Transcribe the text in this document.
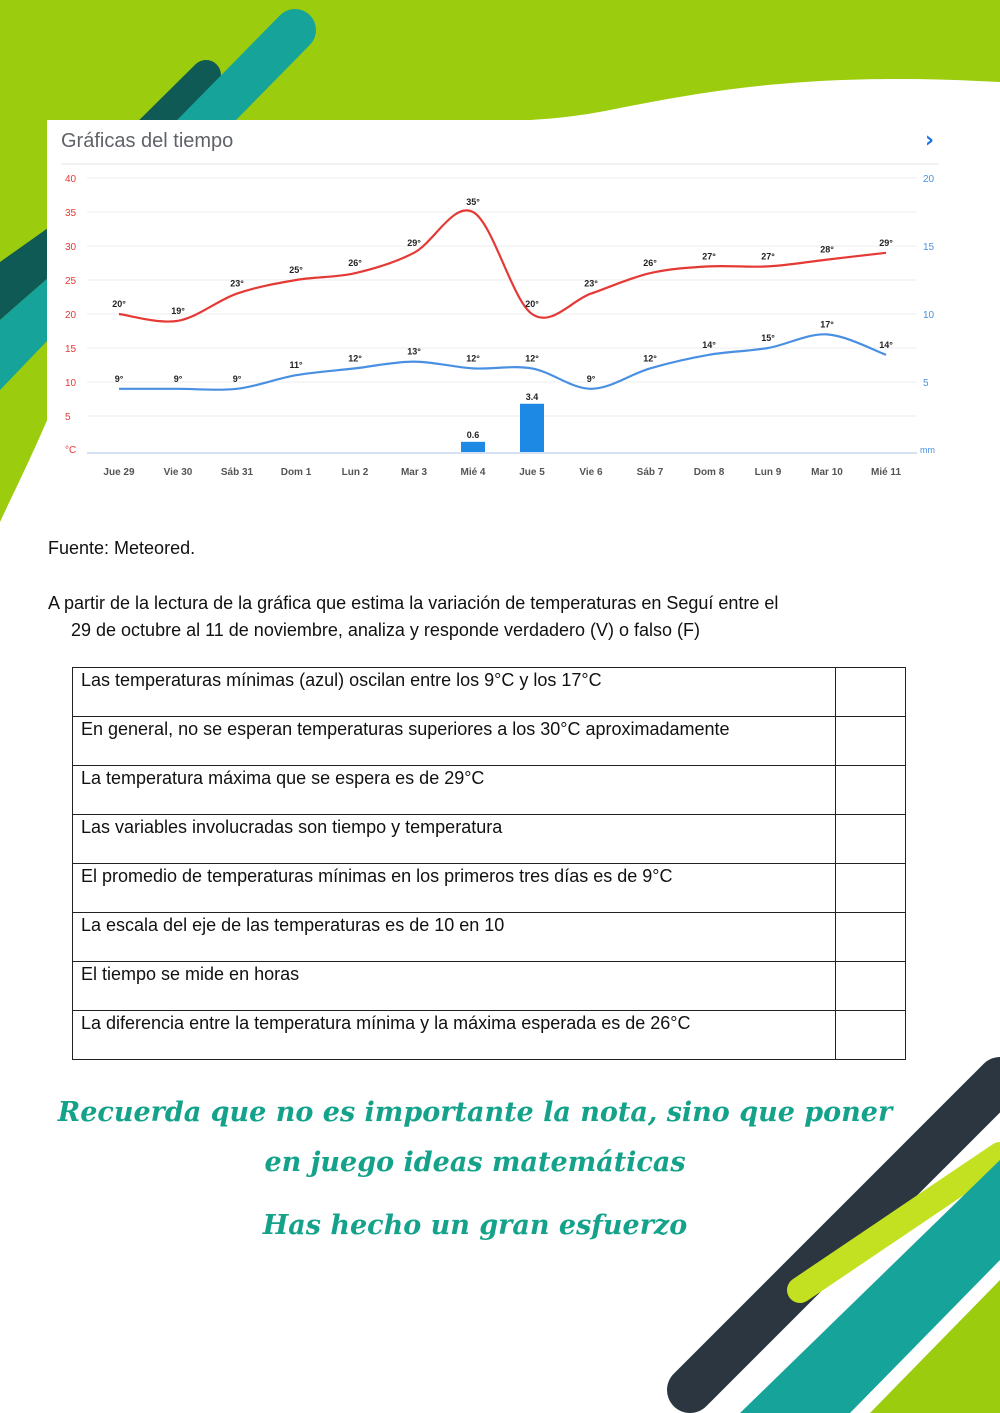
40
35
30
25
20
15
10
5
°C
20
15
10
5
mm
Jue 29	Vie 30	Sáb 31	Dom 1	Lun 2	Mar 3	Mié 4	Jue 5	Vie 6	Sáb 7	Dom 8	Lun 9	Mar 10	Mié 11
0.6
3.4
20°
19°
23°
25°
26°
29°
35°
20°
23°
26°
27°	27°
28°
29°
9°	9°	9°
11°
12°
13°
12°	12°
9°
12°
14°
15°
17°
14°
Gráficas del tiempo	›
Fuente: Meteored.
A partir de la lectura de la gráfica que estima la variación de temperaturas en Seguí entre el
29 de octubre al 11 de noviembre, analiza y responde verdadero (V) o falso (F)
Las temperaturas mínimas (azul) oscilan entre los 9°C y los 17°C	
En general, no se esperan temperaturas superiores a los 30°C aproximadamente	
La temperatura máxima que se espera es de 29°C	
Las variables involucradas son tiempo y temperatura	
El promedio de temperaturas mínimas en los primeros tres días es de 9°C	
La escala del eje de las temperaturas es de 10 en 10	
El tiempo se mide en horas	
La diferencia entre la temperatura mínima y la máxima esperada es de 26°C	
Recuerda que no es importante la nota, sino que poner en juego ideas matemáticas
Has hecho un gran esfuerzo
